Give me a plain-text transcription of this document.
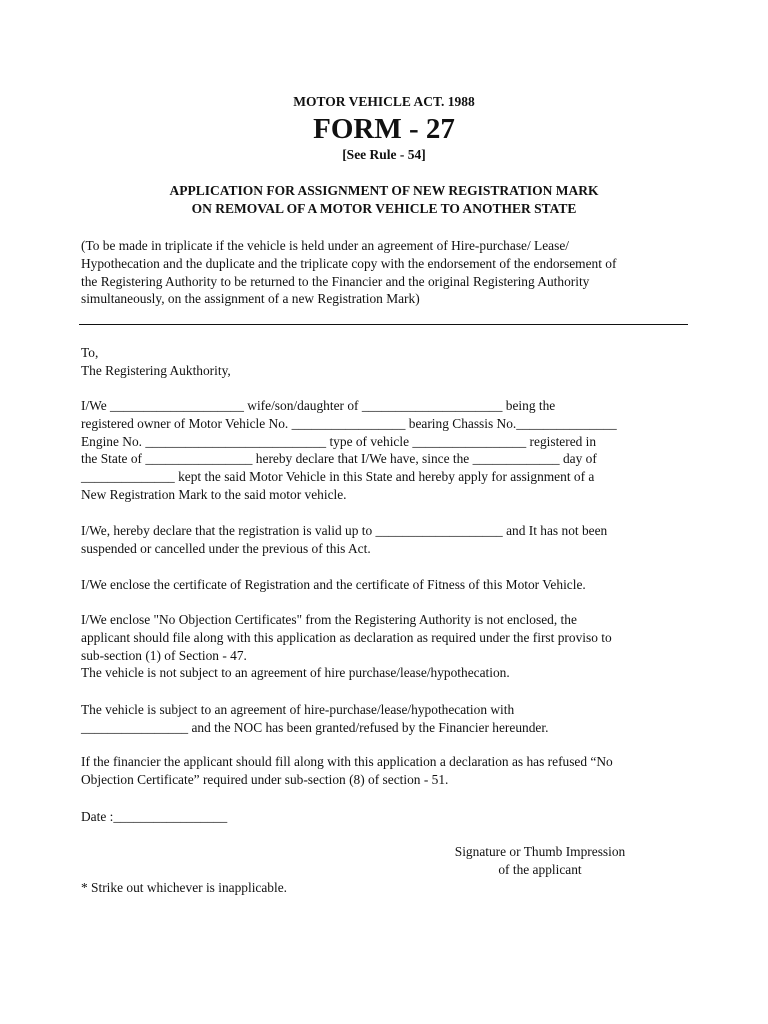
MOTOR VEHICLE ACT. 1988

FORM - 27

[See Rule - 54]

APPLICATION FOR ASSIGNMENT OF NEW REGISTRATION MARK
ON REMOVAL OF A MOTOR VEHICLE TO ANOTHER STATE

(To be made in triplicate if the vehicle is held under an agreement of Hire-purchase/ Lease/
Hypothecation and the duplicate and the triplicate copy with the endorsement of the endorsement of
the Registering Authority to be returned to the Financier and the original Registering Authority
simultaneously, on the assignment of a new Registration Mark)

To,

The Registering Aukthority,

I/We ____________________ wife/son/daughter of _____________________ being the
registered owner of Motor Vehicle No. _________________ bearing Chassis No._______________
Engine No. ___________________________ type of vehicle _________________ registered in
the State of ________________ hereby declare that I/We have, since the _____________ day of
______________ kept the said Motor Vehicle in this State and hereby apply for assignment of a
New Registration Mark to the said motor vehicle.

I/We, hereby declare that the registration is valid up to ___________________ and It has not been
suspended or cancelled under the previous of this Act.

I/We enclose the certificate of Registration and the certificate of Fitness of this Motor Vehicle.

I/We enclose "No Objection Certificates" from the Registering Authority is not enclosed, the
applicant should file along with this application as declaration as required under the first proviso to
sub-section (1) of Section - 47.
The vehicle is not subject to an agreement of hire purchase/lease/hypothecation.

The vehicle is subject to an agreement of hire-purchase/lease/hypothecation with
________________ and the NOC has been granted/refused by the Financier hereunder.

If the financier the applicant should fill along with this application a declaration as has refused “No
Objection Certificate” required under sub-section (8) of section - 51.

Date :_________________

Signature or Thumb Impression

of the applicant

* Strike out whichever is inapplicable.
